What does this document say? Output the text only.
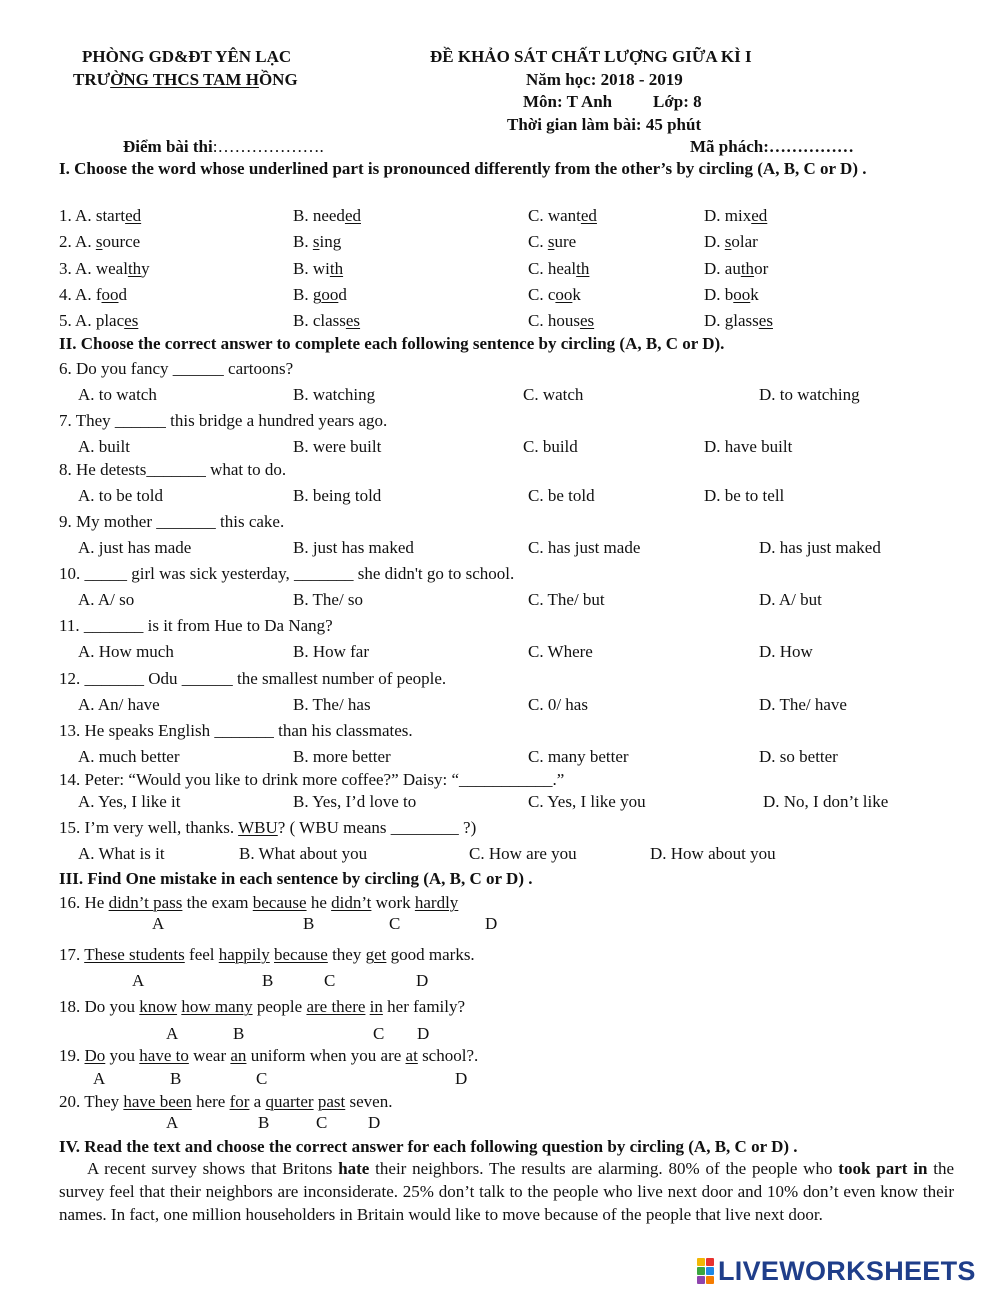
PHÒNG GD&ĐT YÊN LẠC
TRƯỜNG THCS TAM HỒNG
ĐỀ KHẢO SÁT CHẤT LƯỢNG GIỮA KÌ I
Năm học: 2018 - 2019
Môn: T Anh Lớp: 8
Thời gian làm bài: 45 phút
Điểm bài thi:……………….	Mã phách:……………
I. Choose the word whose underlined part is pronounced differently from the other’s by circling (A, B, C or D) .
1. A. started	B. needed	C. wanted	D. mixed
2. A. source	B. sing	C. sure	D. solar
3. A. wealthy	B. with	C. health	D. author
4. A. food	B. good	C. cook	D. book
5. A. places	B. classes	C. houses	D. glasses
II. Choose the correct answer to complete each following sentence by circling (A, B, C or D).
6. Do you fancy ______ cartoons?
A. to watch	B. watching	C. watch	D. to watching
7. They ______ this bridge a hundred years ago.
A. built	B. were built	C. build	D. have built
8. He detests_______ what to do.
A. to be told	B. being told	C. be told	D. be to tell
9. My mother _______ this cake.
A. just has made	B. just has maked	C. has just made	D. has just maked
10. _____ girl was sick yesterday, _______ she didn't go to school.
A. A/ so	B. The/ so	C. The/ but	D. A/ but
11. _______ is it from Hue to Da Nang?
A. How much	B. How far	C. Where	D. How
12. _______ Odu ______ the smallest number of people.
A. An/ have	B. The/ has	C. 0/ has	D. The/ have
13. He speaks English _______ than his classmates.
A. much better	B. more better	C. many better	D. so better
14. Peter: “Would you like to drink more coffee?” Daisy: “___________.”
A. Yes, I like it	B. Yes, I’d love to	C. Yes, I like you	D. No, I don’t like
15. I’m very well, thanks. WBU? ( WBU means ________ ?)
A. What is it	B. What about you	C. How are you	D. How about you
III. Find One mistake in each sentence by circling (A, B, C or D) .
16. He didn’t pass the exam because he didn’t work hardly
A	B	C	D
17. These students feel happily because they get good marks.
A	B	C	D
18. Do you know how many people are there in her family?
A	B	C D
19. Do you have to wear an uniform when you are at school?.
A	B	C	D
20. They have been here for a quarter past seven.
A	B	C D
IV. Read the text and choose the correct answer for each following question by circling (A, B, C or D) .
A recent survey shows that Britons hate their neighbors. The results are alarming. 80% of the people who took part in the survey feel that their neighbors are inconsiderate. 25% don’t talk to the people who live next door and 10% don’t even know their names. In fact, one million householders in Britain would like to move because of the people that live next door.
LIVEWORKSHEETS
